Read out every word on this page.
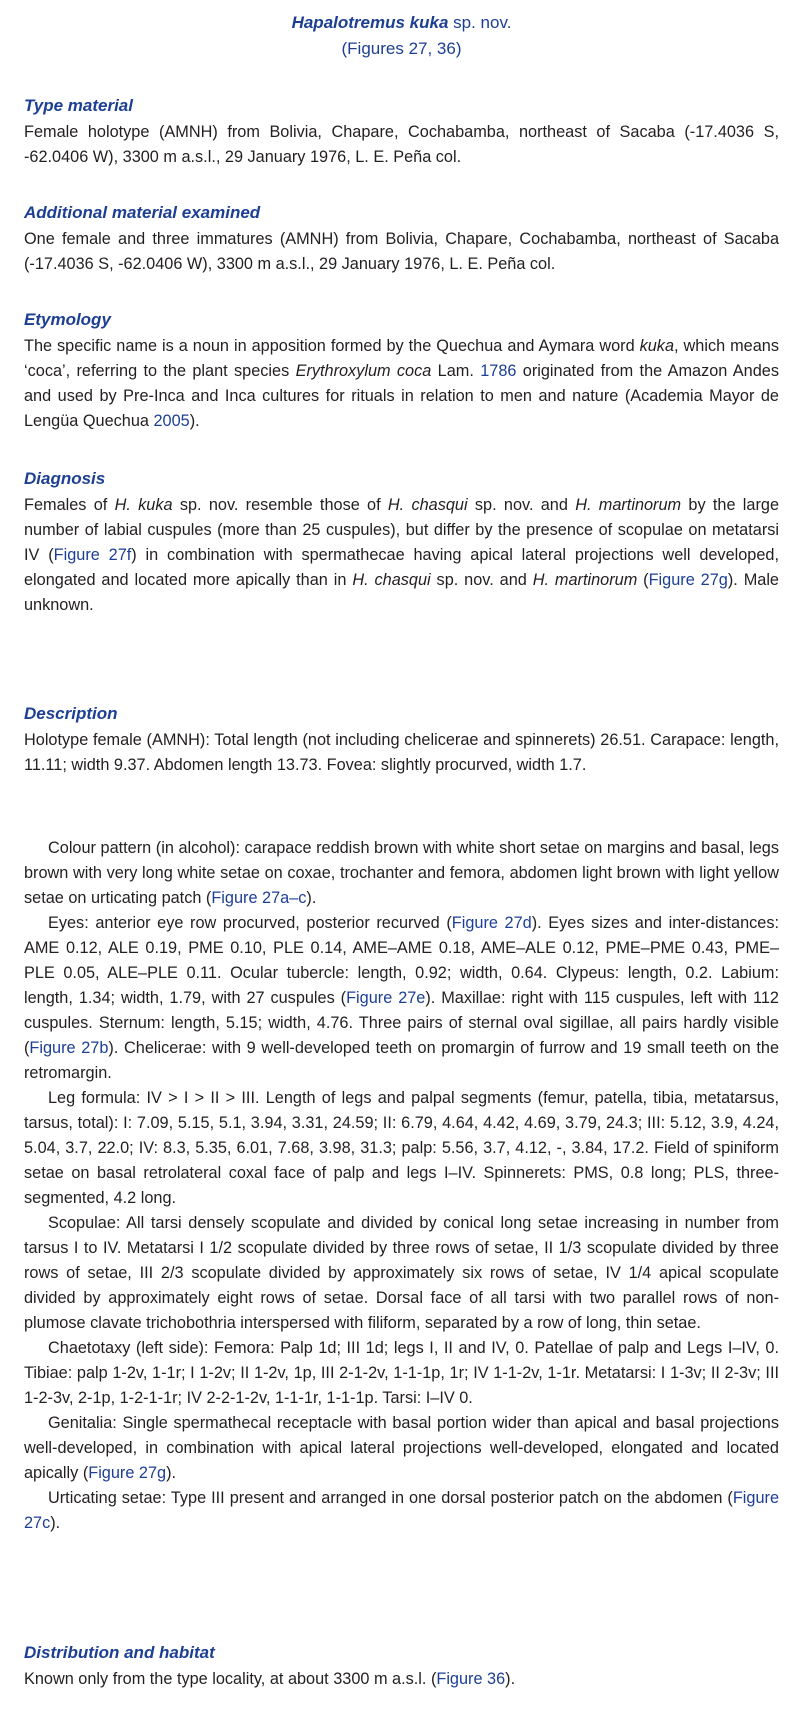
Hapalotremus kuka sp. nov.
(Figures 27, 36)
Type material

Female holotype (AMNH) from Bolivia, Chapare, Cochabamba, northeast of Sacaba (-17.4036 S, -62.0406 W), 3300 m a.s.l., 29 January 1976, L. E. Peña col.

Additional material examined

One female and three immatures (AMNH) from Bolivia, Chapare, Cochabamba, northeast of Sacaba (-17.4036 S, -62.0406 W), 3300 m a.s.l., 29 January 1976, L. E. Peña col.

Etymology

The specific name is a noun in apposition formed by the Quechua and Aymara word kuka, which means ‘coca’, referring to the plant species Erythroxylum coca Lam. 1786 originated from the Amazon Andes and used by Pre-Inca and Inca cultures for rituals in relation to men and nature (Academia Mayor de Lengüa Quechua 2005).

Diagnosis

Females of H. kuka sp. nov. resemble those of H. chasqui sp. nov. and H. martinorum by the large number of labial cuspules (more than 25 cuspules), but differ by the presence of scopulae on metatarsi IV (Figure 27f) in combination with spermathecae having apical lateral projections well developed, elongated and located more apically than in H. chasqui sp. nov. and H. martinorum (Figure 27g). Male unknown.

Description

Holotype female (AMNH): Total length (not including chelicerae and spinnerets) 26.51. Carapace: length, 11.11; width 9.37. Abdomen length 13.73. Fovea: slightly procurved, width 1.7.

Colour pattern (in alcohol): carapace reddish brown with white short setae on margins and basal, legs brown with very long white setae on coxae, trochanter and femora, abdomen light brown with light yellow setae on urticating patch (Figure 27a–c).

Eyes: anterior eye row procurved, posterior recurved (Figure 27d). Eyes sizes and inter-distances: AME 0.12, ALE 0.19, PME 0.10, PLE 0.14, AME–AME 0.18, AME–ALE 0.12, PME–PME 0.43, PME–PLE 0.05, ALE–PLE 0.11. Ocular tubercle: length, 0.92; width, 0.64. Clypeus: length, 0.2. Labium: length, 1.34; width, 1.79, with 27 cuspules (Figure 27e). Maxillae: right with 115 cuspules, left with 112 cuspules. Sternum: length, 5.15; width, 4.76. Three pairs of sternal oval sigillae, all pairs hardly visible (Figure 27b). Chelicerae: with 9 well-developed teeth on promargin of furrow and 19 small teeth on the retromargin.

Leg formula: IV > I > II > III. Length of legs and palpal segments (femur, patella, tibia, metatarsus, tarsus, total): I: 7.09, 5.15, 5.1, 3.94, 3.31, 24.59; II: 6.79, 4.64, 4.42, 4.69, 3.79, 24.3; III: 5.12, 3.9, 4.24, 5.04, 3.7, 22.0; IV: 8.3, 5.35, 6.01, 7.68, 3.98, 31.3; palp: 5.56, 3.7, 4.12, -, 3.84, 17.2. Field of spiniform setae on basal retrolateral coxal face of palp and legs I–IV. Spinnerets: PMS, 0.8 long; PLS, three-segmented, 4.2 long.

Scopulae: All tarsi densely scopulate and divided by conical long setae increasing in number from tarsus I to IV. Metatarsi I 1/2 scopulate divided by three rows of setae, II 1/3 scopulate divided by three rows of setae, III 2/3 scopulate divided by approximately six rows of setae, IV 1/4 apical scopulate divided by approximately eight rows of setae. Dorsal face of all tarsi with two parallel rows of non-plumose clavate trichobothria interspersed with filiform, separated by a row of long, thin setae.

Chaetotaxy (left side): Femora: Palp 1d; III 1d; legs I, II and IV, 0. Patellae of palp and Legs I–IV, 0. Tibiae: palp 1-2v, 1-1r; I 1-2v; II 1-2v, 1p, III 2-1-2v, 1-1-1p, 1r; IV 1-1-2v, 1-1r. Metatarsi: I 1-3v; II 2-3v; III 1-2-3v, 2-1p, 1-2-1-1r; IV 2-2-1-2v, 1-1-1r, 1-1-1p. Tarsi: I–IV 0.

Genitalia: Single spermathecal receptacle with basal portion wider than apical and basal projections well-developed, in combination with apical lateral projections well-developed, elongated and located apically (Figure 27g).

Urticating setae: Type III present and arranged in one dorsal posterior patch on the abdomen (Figure 27c).

Distribution and habitat

Known only from the type locality, at about 3300 m a.s.l. (Figure 36).
